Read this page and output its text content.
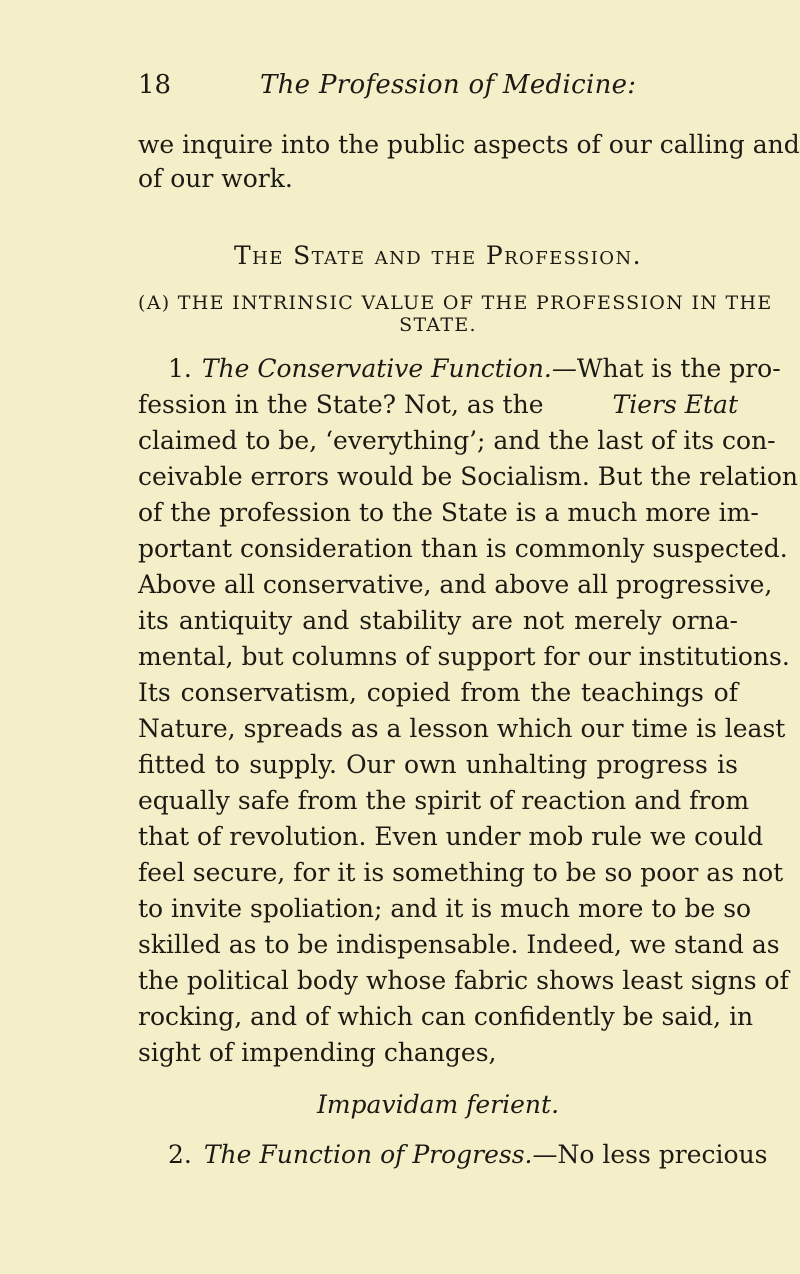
18	The Profession of Medicine:
we inquire into the public aspects of our calling and
of our work.
The State and the Profession.
(A) THE INTRINSIC VALUE OF THE PROFESSION IN THE
STATE.
1. The Conservative Function.—What is the pro-
fession in the State? Not, as the	Tiers Etat
claimed to be, ‘everything’; and the last of its con-
ceivable errors would be Socialism. But the relation
of the profession to the State is a much more im-
portant consideration than is commonly suspected.
Above all conservative, and above all progressive,
its antiquity and stability are not merely orna-
mental, but columns of support for our institutions.
Its conservatism, copied from the teachings of
Nature, spreads as a lesson which our time is least
fitted to supply. Our own unhalting progress is
equally safe from the spirit of reaction and from
that of revolution. Even under mob rule we could
feel secure, for it is something to be so poor as not
to invite spoliation; and it is much more to be so
skilled as to be indispensable. Indeed, we stand as
the political body whose fabric shows least signs of
rocking, and of which can confidently be said, in
sight of impending changes,
Impavidam ferient.
2. The Function of Progress. —No less precious
